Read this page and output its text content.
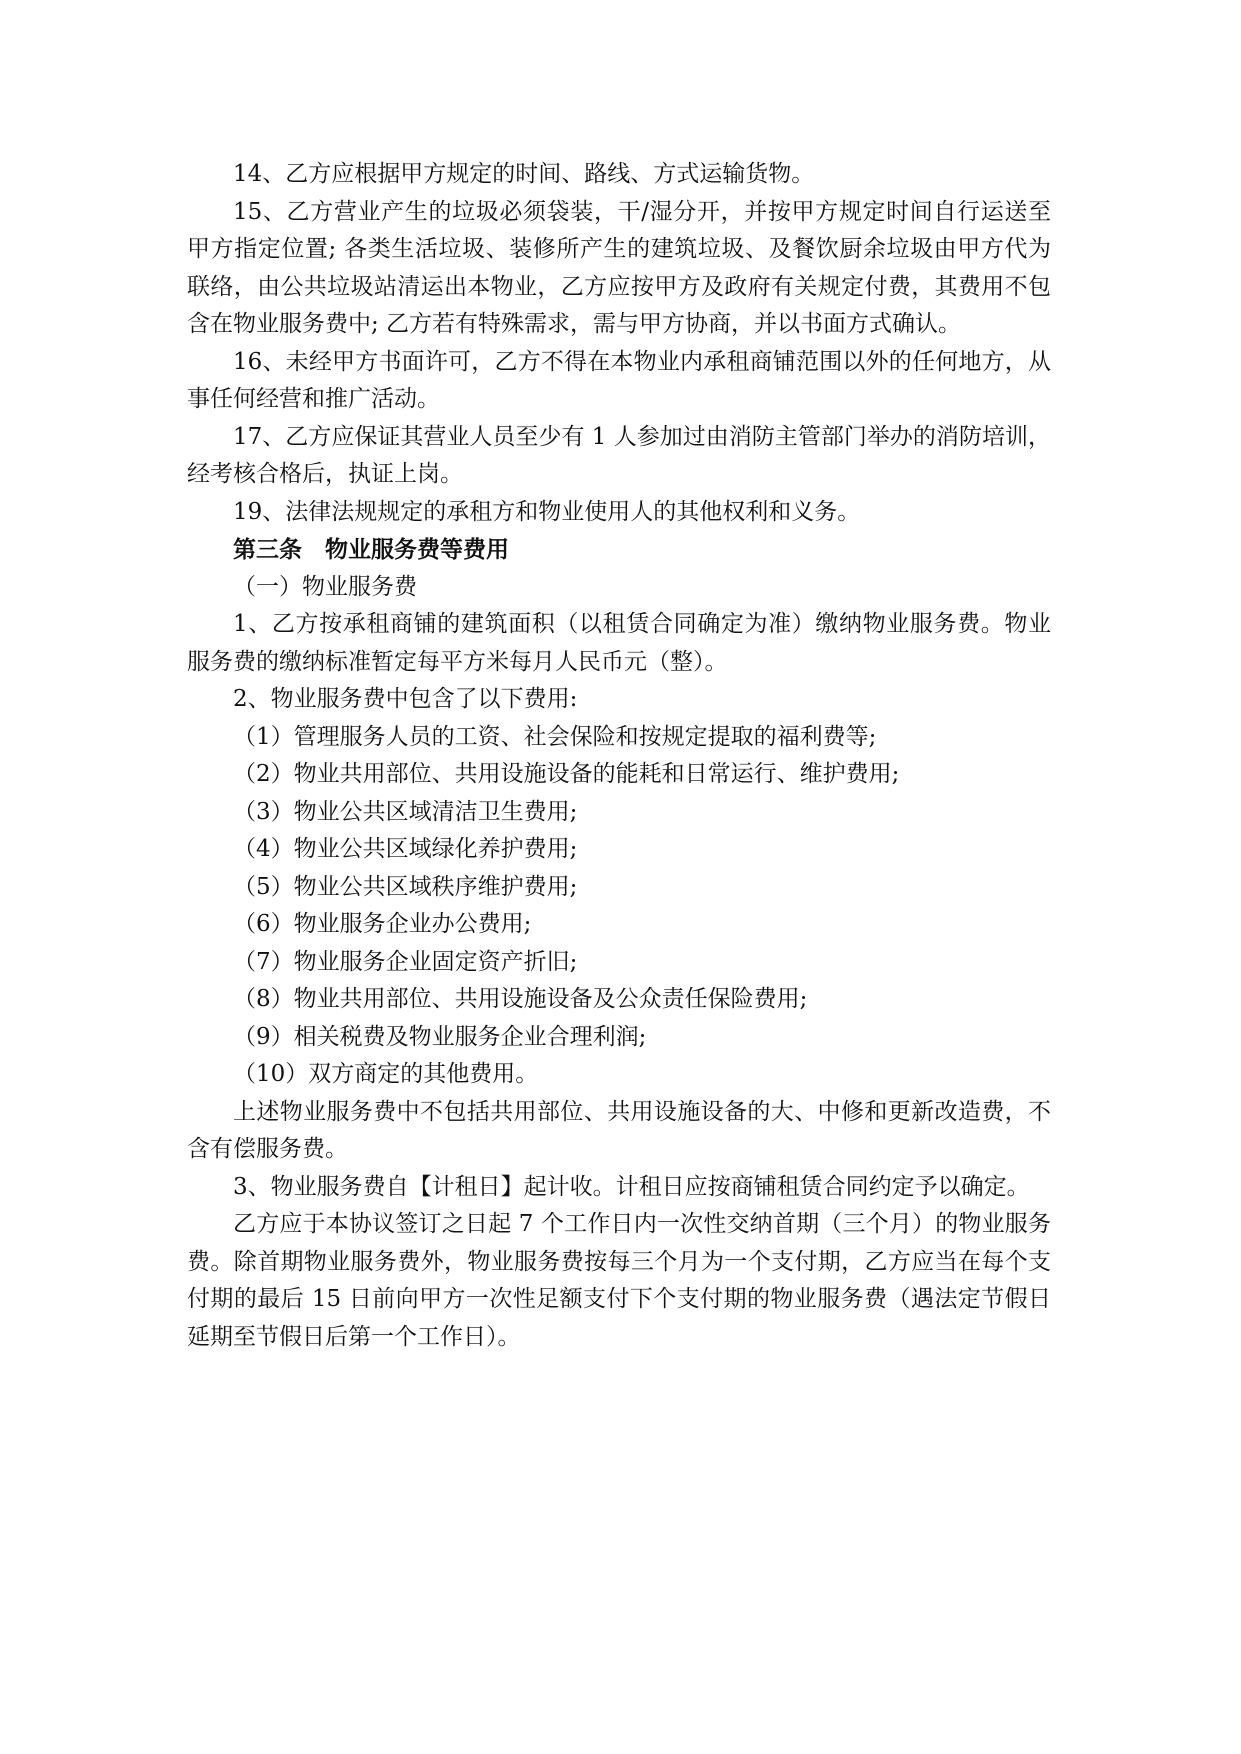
14、乙方应根据甲方规定的时间、路线、方式运输货物。

15、乙方营业产生的垃圾必须袋装，干/湿分开，并按甲方规定时间自行运送至甲方指定位置; 各类生活垃圾、装修所产生的建筑垃圾、及餐饮厨余垃圾由甲方代为联络，由公共垃圾站清运出本物业，乙方应按甲方及政府有关规定付费，其费用不包含在物业服务费中; 乙方若有特殊需求，需与甲方协商，并以书面方式确认。

16、未经甲方书面许可，乙方不得在本物业内承租商铺范围以外的任何地方，从事任何经营和推广活动。

17、乙方应保证其营业人员至少有 1 人参加过由消防主管部门举办的消防培训，经考核合格后，执证上岗。

19、法律法规规定的承租方和物业使用人的其他权利和义务。

第三条　物业服务费等费用

（一）物业服务费

1、乙方按承租商铺的建筑面积（以租赁合同确定为准）缴纳物业服务费。物业服务费的缴纳标准暂定每平方米每月人民币元（整）。

2、物业服务费中包含了以下费用:

（1）管理服务人员的工资、社会保险和按规定提取的福利费等;

（2）物业共用部位、共用设施设备的能耗和日常运行、维护费用;

（3）物业公共区域清洁卫生费用;

（4）物业公共区域绿化养护费用;

（5）物业公共区域秩序维护费用;

（6）物业服务企业办公费用;

（7）物业服务企业固定资产折旧;

（8）物业共用部位、共用设施设备及公众责任保险费用;

（9）相关税费及物业服务企业合理利润;

（10）双方商定的其他费用。

上述物业服务费中不包括共用部位、共用设施设备的大、中修和更新改造费，不含有偿服务费。

3、物业服务费自【计租日】起计收。计租日应按商铺租赁合同约定予以确定。

乙方应于本协议签订之日起 7 个工作日内一次性交纳首期（三个月）的物业服务费。除首期物业服务费外，物业服务费按每三个月为一个支付期，乙方应当在每个支付期的最后 15 日前向甲方一次性足额支付下个支付期的物业服务费（遇法定节假日延期至节假日后第一个工作日）。
